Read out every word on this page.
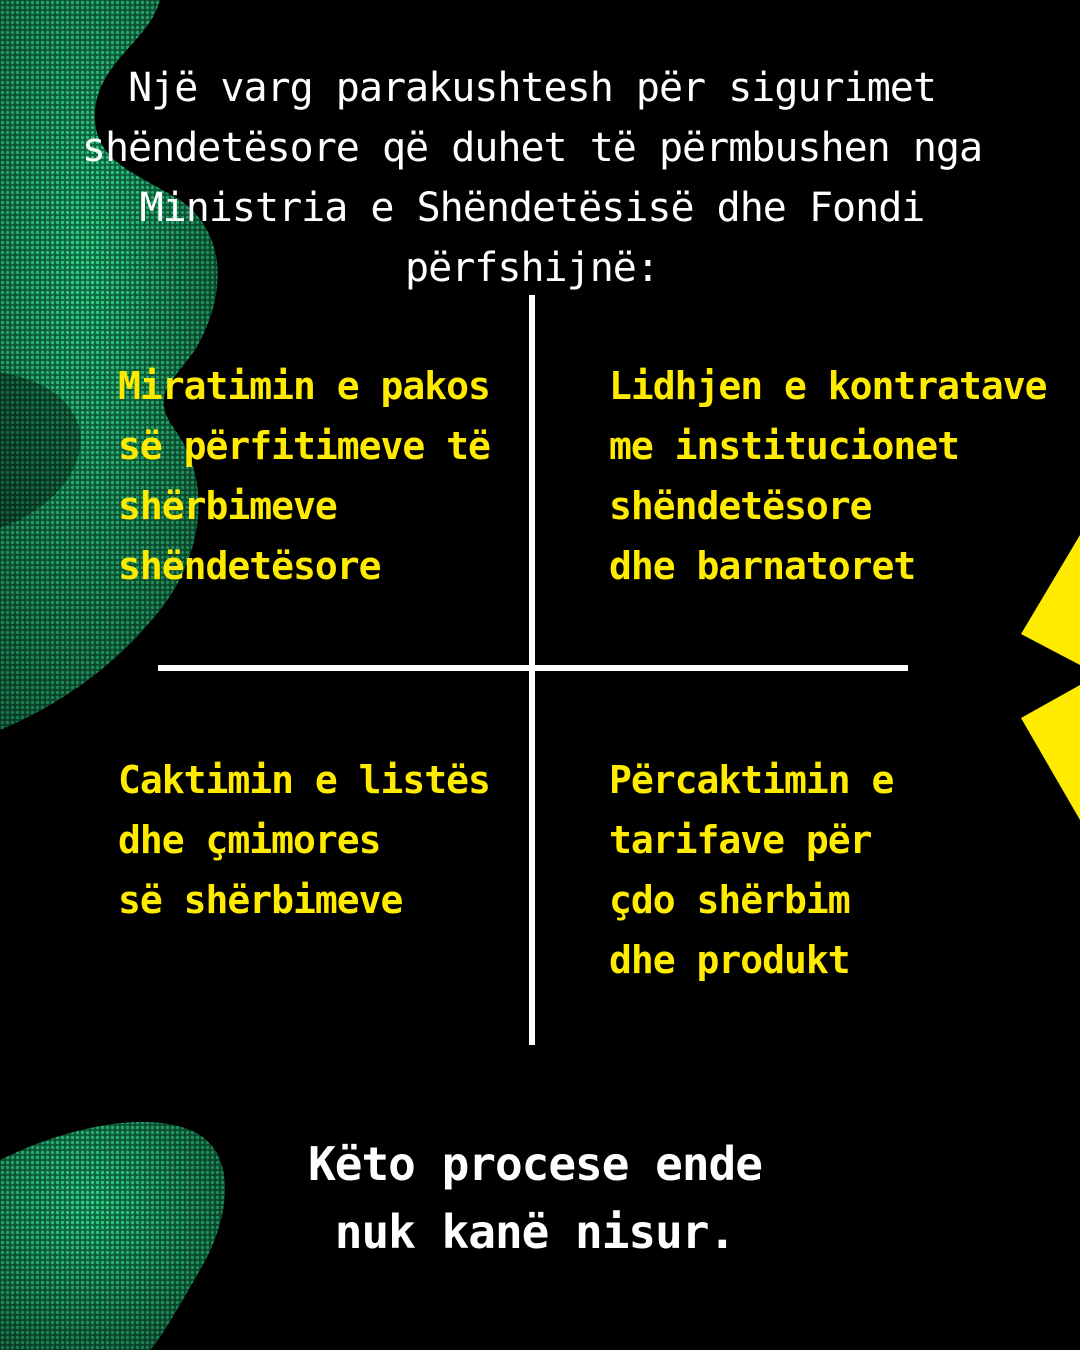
Një varg parakushtesh për sigurimet
shëndetësore që duhet të përmbushen nga
Ministria e Shëndetësisë dhe Fondi përfshijnë:

Miratimin e pakos
së përfitimeve të
shërbimeve
shëndetësore

Lidhjen e kontratave
me institucionet
shëndetësore
dhe barnatoret

Caktimin e listës
dhe çmimores
së shërbimeve

Përcaktimin e
tarifave për
çdo shërbim
dhe produkt

Këto procese ende
nuk kanë nisur.
